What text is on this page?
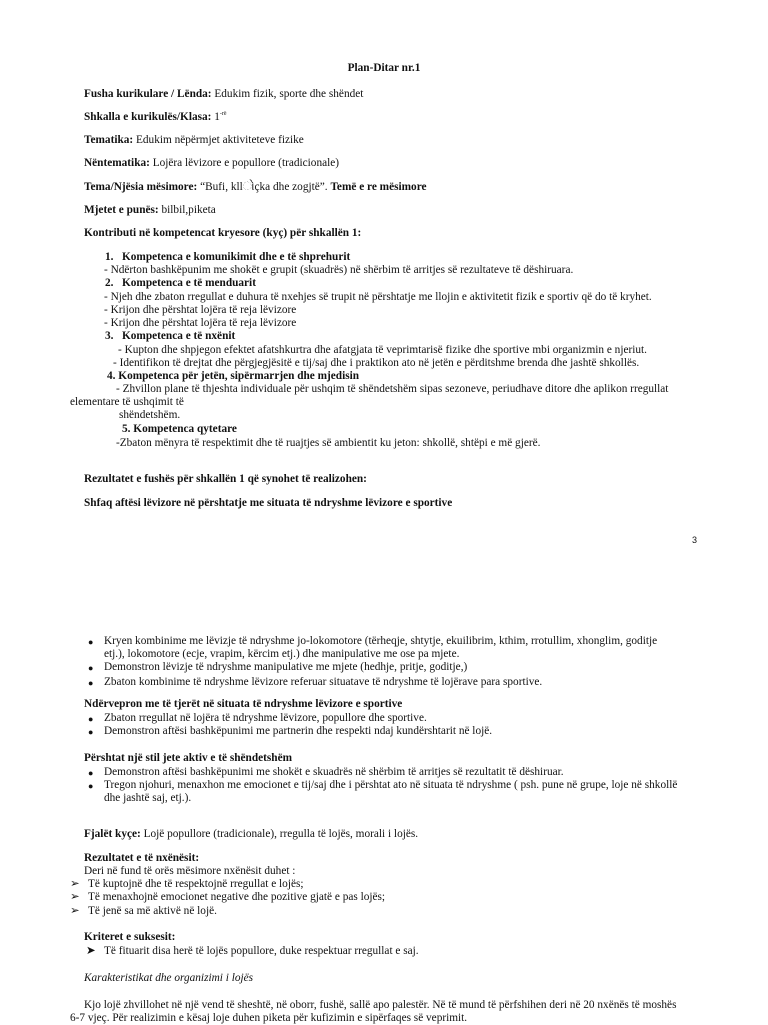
Plan-Ditar nr.1
Fusha kurikulare / Lënda: Edukim fizik, sporte dhe shëndet
Shkalla e kurikulës/Klasa: $1^{-rë}$
Tematika: Edukim nëpërmjet aktiviteteve fizike
Nëntematika: Lojëra lëvizore e popullore (tradicionale)
Tema/Njësia mësimore: “Bufi, kllોçka dhe zogjtë”. Temë e re mësimore
Mjetet e punës: bilbil,piketa
Kontributi në kompetencat kryesore (kyç) për shkallën 1:
1. Kompetenca e komunikimit dhe e të shprehurit
- Ndërton bashkëpunim me shokët e grupit (skuadrës) në shërbim të arritjes së rezultateve të dëshiruara.
2. Kompetenca e të menduarit
- Njeh dhe zbaton rregullat e duhura të nxehjes së trupit në përshtatje me llojin e aktivitetit fizik e sportiv që do të kryhet.
- Krijon dhe përshtat lojëra të reja lëvizore
- Krijon dhe përshtat lojëra të reja lëvizore
3. Kompetenca e të nxënit
- Kupton dhe shpjegon efektet afatshkurtra dhe afatgjata të veprimtarisë fizike dhe sportive mbi organizmin e njeriut.
- Identifikon të drejtat dhe përgjegjësitë e tij/saj dhe i praktikon ato në jetën e përditshme brenda dhe jashtë shkollës.
4. Kompetenca për jetën, sipërmarrjen dhe mjedisin
- Zhvillon plane të thjeshta individuale për ushqim të shëndetshëm sipas sezoneve, periudhave ditore dhe aplikon rregullat
elementare të ushqimit të
shëndetshëm.
5. Kompetenca qytetare
-Zbaton mënyra të respektimit dhe të ruajtjes së ambientit ku jeton: shkollë, shtëpi e më gjerë.
Rezultatet e fushës për shkallën 1 që synohet të realizohen:
Shfaq aftësi lëvizore në përshtatje me situata të ndryshme lëvizore e sportive
3
● Kryen kombinime me lëvizje të ndryshme jo-lokomotore (tërheqje, shtytje, ekuilibrim, kthim, rrotullim, xhonglim, goditje
etj.), lokomotore (ecje, vrapim, kërcim etj.) dhe manipulative me ose pa mjete.
● Demonstron lëvizje të ndryshme manipulative me mjete (hedhje, pritje, goditje,)
● Zbaton kombinime të ndryshme lëvizore referuar situatave të ndryshme të lojërave para sportive.
Ndërvepron me të tjerët në situata të ndryshme lëvizore e sportive
● Zbaton rregullat në lojëra të ndryshme lëvizore, popullore dhe sportive.
● Demonstron aftësi bashkëpunimi me partnerin dhe respekti ndaj kundërshtarit në lojë.
Përshtat një stil jete aktiv e të shëndetshëm
● Demonstron aftësi bashkëpunimi me shokët e skuadrës në shërbim të arritjes së rezultatit të dëshiruar.
● Tregon njohuri, menaxhon me emocionet e tij/saj dhe i përshtat ato në situata të ndryshme ( psh. pune në grupe, loje në shkollë
dhe jashtë saj, etj.).
Fjalët kyçe: Lojë popullore (tradicionale), rregulla të lojës, morali i lojës.
Rezultatet e të nxënësit:
Deri në fund të orës mësimore nxënësit duhet :
➢ Të kuptojnë dhe të respektojnë rregullat e lojës;
➢ Të menaxhojnë emocionet negative dhe pozitive gjatë e pas lojës;
➢ Të jenë sa më aktivë në lojë.
Kriteret e suksesit:
➤ Të fituarit disa herë të lojës popullore, duke respektuar rregullat e saj.
Karakteristikat dhe organizimi i lojës
Kjo lojë zhvillohet në një vend të sheshtë, në oborr, fushë, sallë apo palestër. Në të mund të përfshihen deri në 20 nxënës të moshës
6-7 vjeç. Për realizimin e kësaj loje duhen piketa për kufizimin e sipërfaqes së veprimit.
